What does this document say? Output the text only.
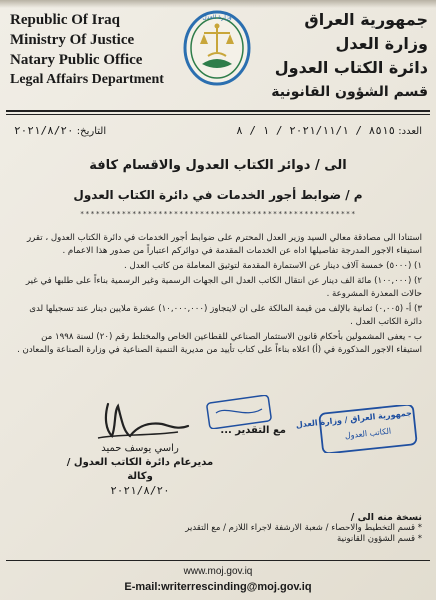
Republic Of Iraq
Ministry Of Justice
Natary Public Office
Legal Affairs Department
وزارة العدل	جمهورية العراق
وزارة العدل
دائرة الكتاب العدول
قسم الشؤون القانونية
العدد: ٨٥١٥ / ٢٠٢١/١١/١ / ١ / ٨
التاريخ: ٢٠٢١/٨/٢٠
الى / دوائر الكتاب العدول والاقسام كافة
م / ضوابط أجور الخدمات في دائرة الكتاب العدول
*****************************************************

استنادا الى مصادقة معالي السيد وزير العدل المحترم على ضوابط أجور الخدمات في دائرة الكتاب العدول ، تقرر استيفاء الاجور المدرجة تفاصيلها اداه عن الخدمات المقدمة في دوائركم اعتباراً من صدور هذا الاعمام .

١) (٥٠٠٠) خمسة آلاف دينار عن الاستمارة المقدمة لتوثيق المعاملة من كاتب العدل .

٢) (١٠٠,٠٠٠) مائة الف دينار عن انتقال الكاتب العدل الى الجهات الرسمية وغير الرسمية بناءاً على طلبها في غير حالات المعذرة المشروعة .

٣) أ- (٠,٠٠٥) ثمانية بالإلف من قيمة المالكة على ان لايتجاوز (١٠,٠٠٠,٠٠٠) عشرة ملايين دينار عند تسجيلها لدى دائرة الكاتب العدل .

ب - يعفى المشمولين بأحكام قانون الاستثمار الصناعي للقطاعين الخاص والمختلط رقم (٢٠) لسنة ١٩٩٨ من استيفاء الاجور المذكورة في (أ) اعلاه بناءاً على كتاب تأييد من مديرية التنمية الصناعية في وزارة الصناعة والمعادن .

مع التقدير ...
راسي يوسف حميد
مديرعام دائرة الكاتب العدول / وكالة
٢٠٢١/٨/٢٠
جمهورية العراق / وزارة العدل
الكاتب العدول
نسخة منه الى /
* قسم التخطيط والاحصاء / شعبة الارشفة لاجراء اللازم / مع التقدير
* قسم الشؤون القانونية
www.moj.gov.iq
E-mail:writerrescinding@moj.gov.iq
